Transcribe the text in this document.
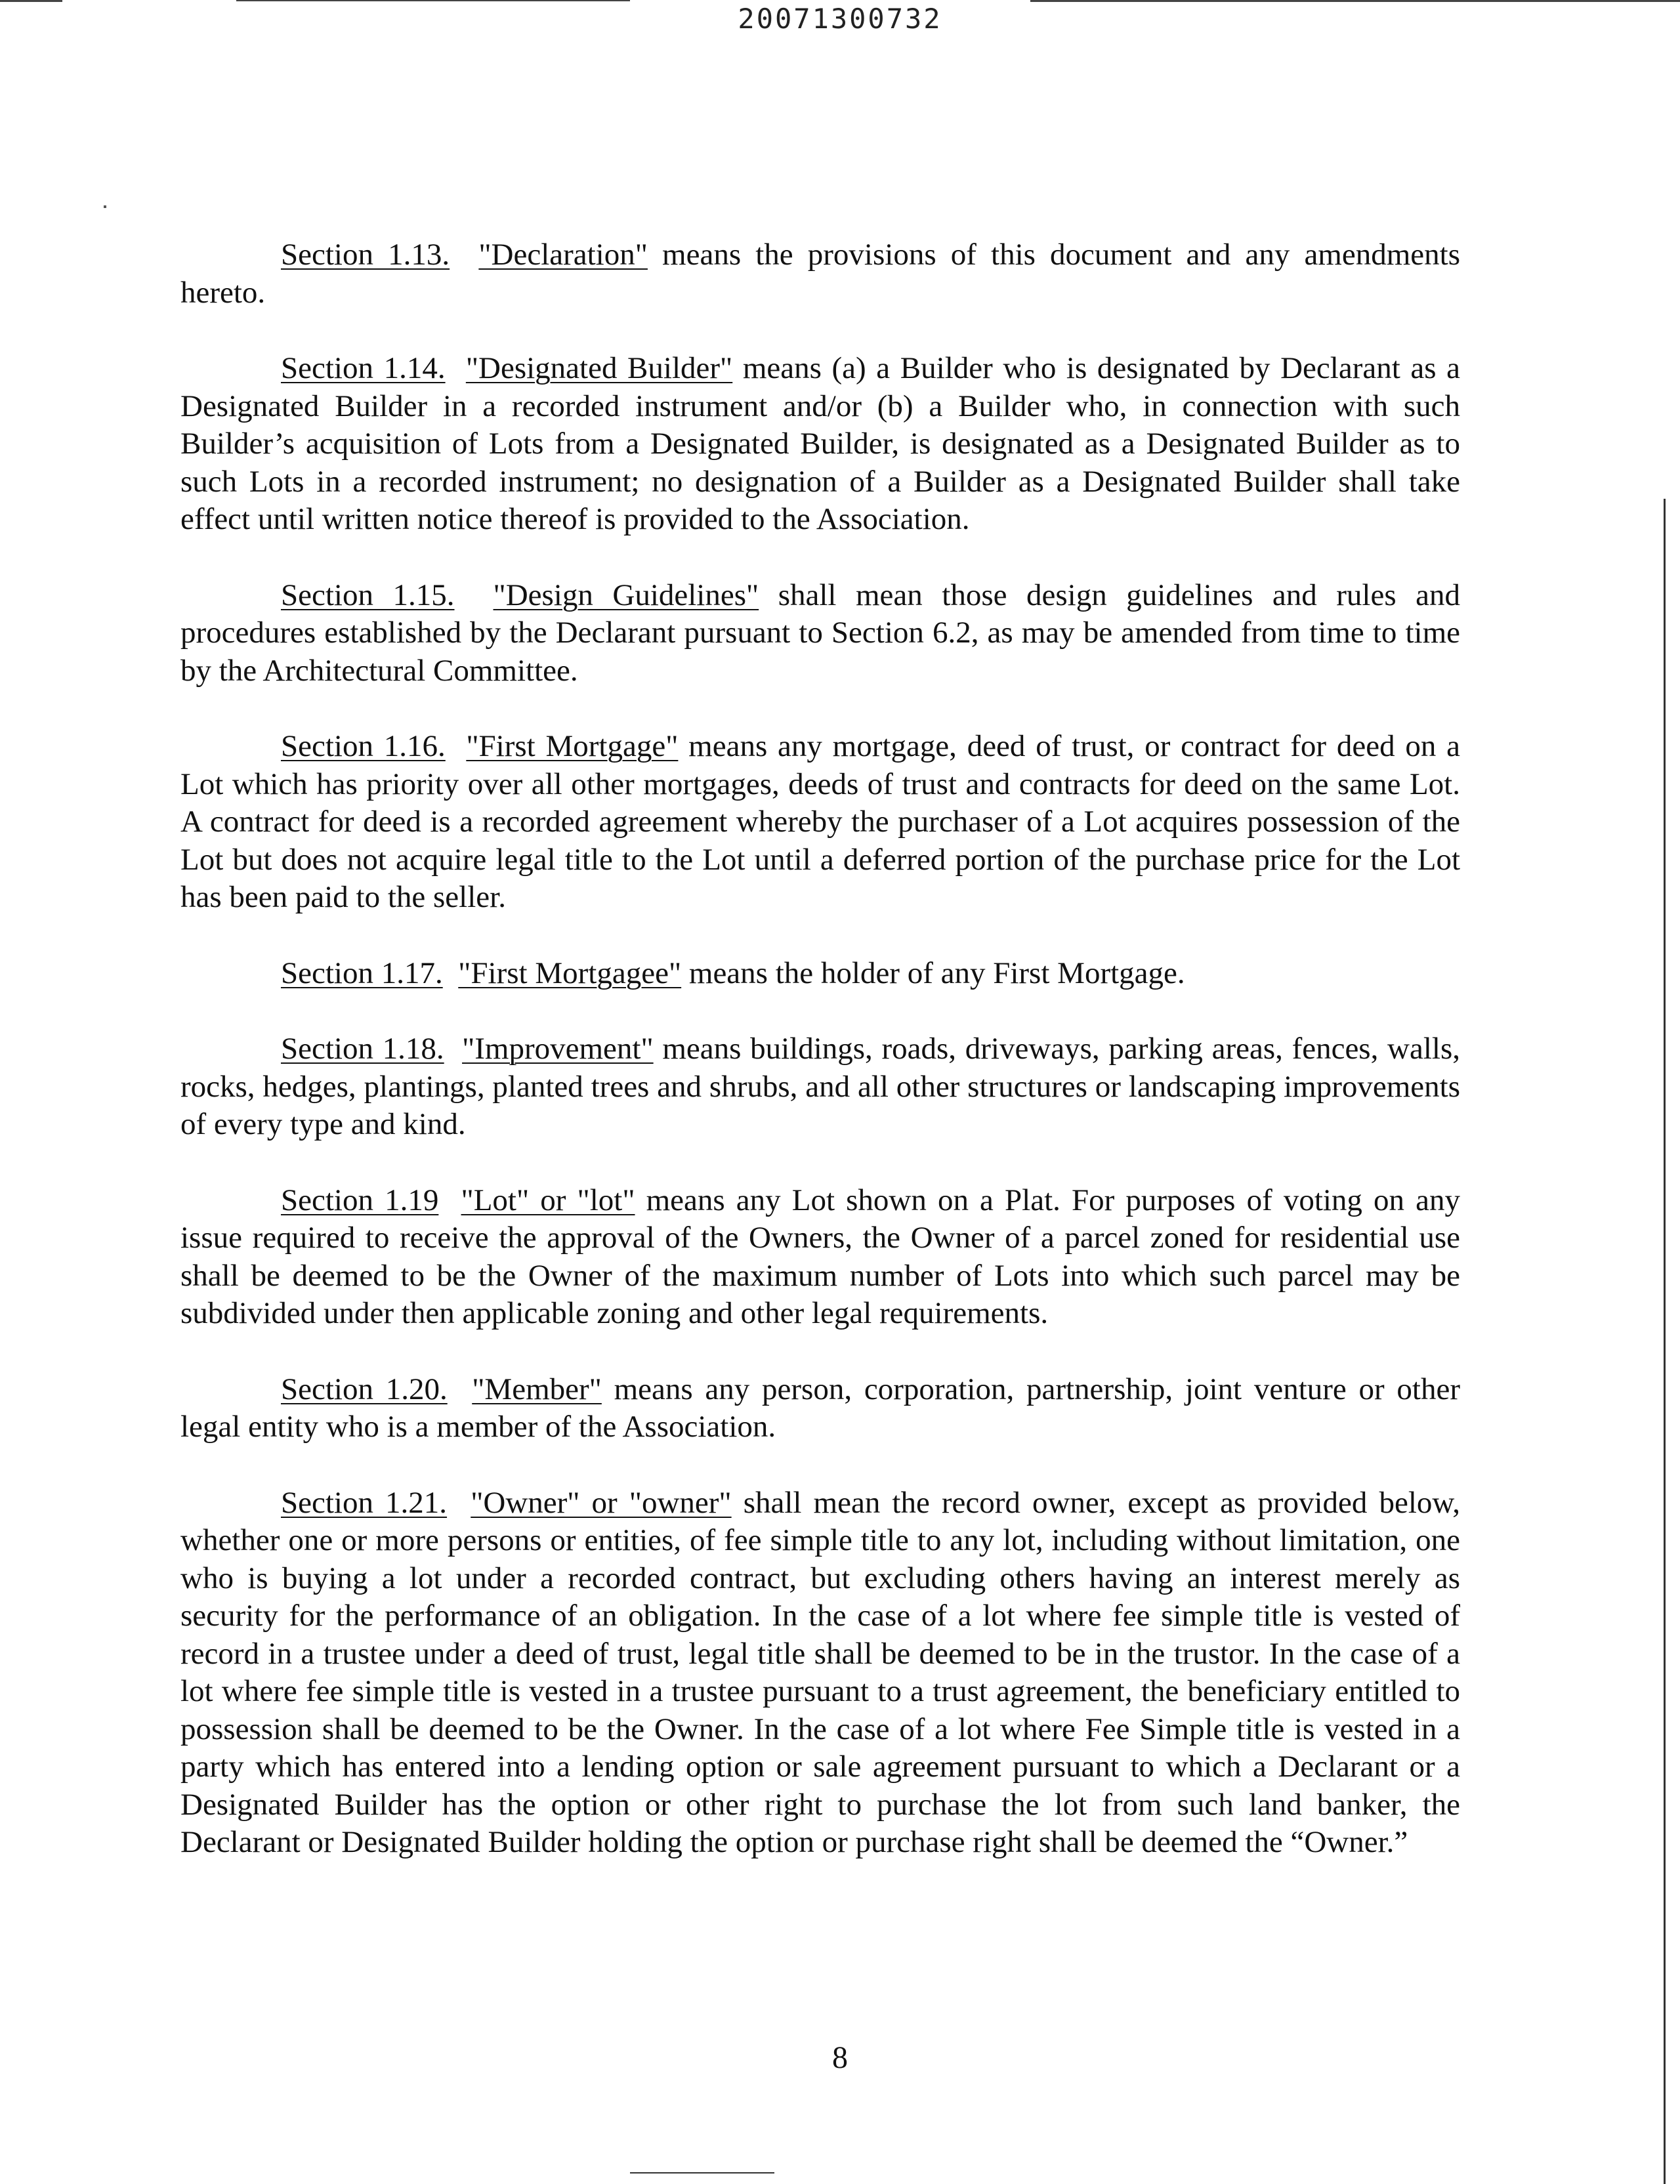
20071300732

Section 1.13. "Declaration" means the provisions of this document and any amendments hereto.

Section 1.14. "Designated Builder" means (a) a Builder who is designated by Declarant as a Designated Builder in a recorded instrument and/or (b) a Builder who, in connection with such Builder’s acquisition of Lots from a Designated Builder, is designated as a Designated Builder as to such Lots in a recorded instrument; no designation of a Builder as a Designated Builder shall take effect until written notice thereof is provided to the Association.

Section 1.15. "Design Guidelines" shall mean those design guidelines and rules and procedures established by the Declarant pursuant to Section 6.2, as may be amended from time to time by the Architectural Committee.

Section 1.16. "First Mortgage" means any mortgage, deed of trust, or contract for deed on a Lot which has priority over all other mortgages, deeds of trust and contracts for deed on the same Lot. A contract for deed is a recorded agreement whereby the purchaser of a Lot acquires possession of the Lot but does not acquire legal title to the Lot until a deferred portion of the purchase price for the Lot has been paid to the seller.

Section 1.17. "First Mortgagee" means the holder of any First Mortgage.

Section 1.18. "Improvement" means buildings, roads, driveways, parking areas, fences, walls, rocks, hedges, plantings, planted trees and shrubs, and all other structures or landscaping improvements of every type and kind.

Section 1.19 "Lot" or "lot" means any Lot shown on a Plat. For purposes of voting on any issue required to receive the approval of the Owners, the Owner of a parcel zoned for residential use shall be deemed to be the Owner of the maximum number of Lots into which such parcel may be subdivided under then applicable zoning and other legal requirements.

Section 1.20. "Member" means any person, corporation, partnership, joint venture or other legal entity who is a member of the Association.

Section 1.21. "Owner" or "owner" shall mean the record owner, except as provided below, whether one or more persons or entities, of fee simple title to any lot, including without limitation, one who is buying a lot under a recorded contract, but excluding others having an interest merely as security for the performance of an obligation. In the case of a lot where fee simple title is vested of record in a trustee under a deed of trust, legal title shall be deemed to be in the trustor. In the case of a lot where fee simple title is vested in a trustee pursuant to a trust agreement, the beneficiary entitled to possession shall be deemed to be the Owner. In the case of a lot where Fee Simple title is vested in a party which has entered into a lending option or sale agreement pursuant to which a Declarant or a Designated Builder has the option or other right to purchase the lot from such land banker, the Declarant or Designated Builder holding the option or purchase right shall be deemed the “Owner.”

8
